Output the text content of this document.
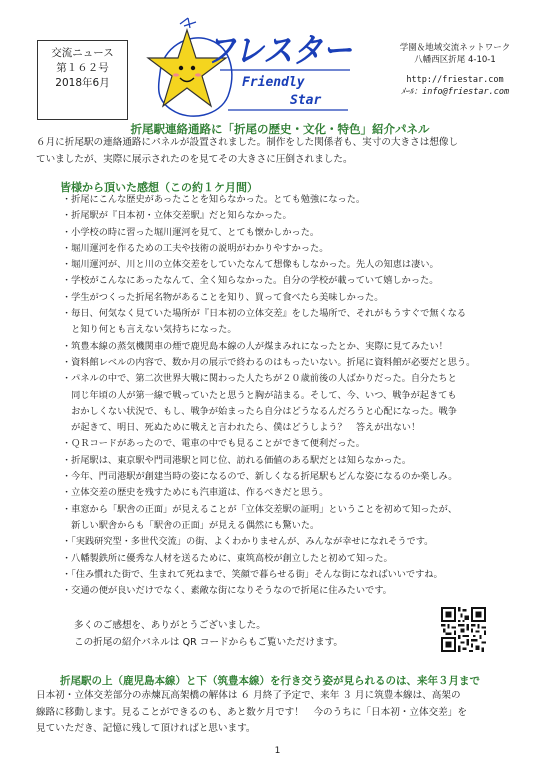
交流ニュース
第１６２号
2018年6月
フレスター
Friendly
Star
学園＆地域交流ネットワーク
八幡西区折尾 4-10-1
http://friestar.com
ﾒｰﾙ：info@friestar.com
折尾駅連絡通路に「折尾の歴史・文化・特色」紹介パネル
６月に折尾駅の連絡通路にパネルが設置されました。制作をした関係者も、実寸の大きさは想像し
ていましたが、実際に展示されたのを見てその大きさに圧倒されました。
皆様から頂いた感想（この約１ケ月間）
・折尾にこんな歴史があったことを知らなかった。とても勉強になった。
・折尾駅が『日本初・立体交差駅』だと知らなかった。
・小学校の時に習った堀川運河を見て、とても懐かしかった。
・堀川運河を作るための工夫や技術の説明がわかりやすかった。
・堀川運河が、川と川の立体交差をしていたなんて想像もしなかった。先人の知恵は凄い。
・学校がこんなにあったなんて、全く知らなかった。自分の学校が載っていて嬉しかった。
・学生がつくった折尾名物があることを知り、買って食べたら美味しかった。
・毎日、何気なく見ていた場所が『日本初の立体交差』をした場所で、それがもうすぐで無くなる
　と知り何とも言えない気持ちになった。
・筑豊本線の蒸気機関車の煙で鹿児島本線の人が煤まみれになったとか、実際に見てみたい！
・資料館レベルの内容で、数か月の展示で終わるのはもったいない。折尾に資料館が必要だと思う。
・パネルの中で、第二次世界大戦に関わった人たちが２０歳前後の人ばかりだった。自分たちと
　同じ年頃の人が第一線で戦っていたと思うと胸が詰まる。そして、今、いつ、戦争が起きても
　おかしくない状況で、もし、戦争が始まったら自分はどうなるんだろうと心配になった。戦争
　が起きて、明日、死ぬために戦えと言われたら、僕はどうしよう？　答えが出ない！
・ＱＲコードがあったので、電車の中でも見ることができて便利だった。
・折尾駅は、東京駅や門司港駅と同じ位、訪れる価値のある駅だとは知らなかった。
・今年、門司港駅が創建当時の姿になるので、新しくなる折尾駅もどんな姿になるのか楽しみ。
・立体交差の歴史を残すためにも汽車道は、作るべきだと思う。
・車窓から「駅舎の正面」が見えることが「立体交差駅の証明」ということを初めて知ったが、
　新しい駅舎からも「駅舎の正面」が見える偶然にも驚いた。
・「実践研究型・多世代交流」の街、よくわかりませんが、みんなが幸せになれそうです。
・八幡製鉄所に優秀な人材を送るために、東筑高校が創立したと初めて知った。
・「住み慣れた街で、生まれて死ねまで、笑顔で暮らせる街」そんな街になればいいですね。
・交通の便が良いだけでなく、素敵な街になりそうなので折尾に住みたいです。
多くのご感想を、ありがとうございました。
この折尾の紹介パネルは QR コードからもご覧いただけます。
折尾駅の上（鹿児島本線）と下（筑豊本線）を行き交う姿が見られるのは、来年３月まで
日本初・立体交差部分の赤煉瓦高架橋の解体は ６ 月終了予定で、来年 ３ 月に筑豊本線は、高架の
線路に移動します。見ることができるのも、あと数ケ月です！　今のうちに「日本初・立体交差」を
見ていただき、記憶に残して頂ければと思います。
1
